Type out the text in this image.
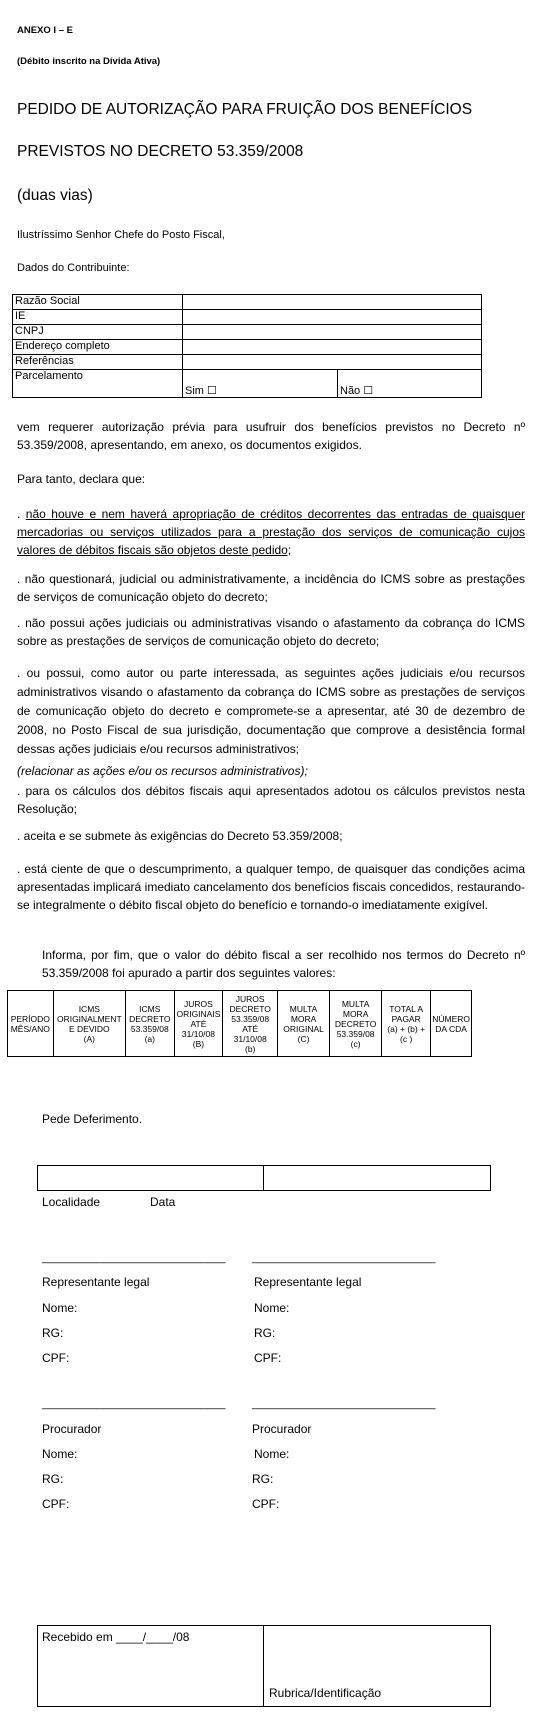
ANEXO I – E
(Débito inscrito na Dívida Ativa)
PEDIDO DE AUTORIZAÇÃO PARA FRUIÇÃO DOS BENEFÍCIOS
PREVISTOS NO DECRETO 53.359/2008
(duas vias)
Ilustríssimo Senhor Chefe do Posto Fiscal,
Dados do Contribuinte:
Razão Social		
IE		
CNPJ		
Endereço completo		
Referências		
Parcelamento	Sim ☐	Não ☐
vem requerer autorização prévia para usufruir dos benefícios previstos no Decreto nº 53.359/2008, apresentando, em anexo, os documentos exigidos.
Para tanto, declara que:
. não houve e nem haverá apropriação de créditos decorrentes das entradas de quaisquer mercadorias ou serviços utilizados para a prestação dos serviços de comunicação cujos valores de débitos fiscais são objetos deste pedido;
. não questionará, judicial ou administrativamente, a incidência do ICMS sobre as prestações de serviços de comunicação objeto do decreto;
. não possui ações judiciais ou administrativas visando o afastamento da cobrança do ICMS sobre as prestações de serviços de comunicação objeto do decreto;
. ou possui, como autor ou parte interessada, as seguintes ações judiciais e/ou recursos administrativos visando o afastamento da cobrança do ICMS sobre as prestações de serviços de comunicação objeto do decreto e compromete-se a apresentar, até 30 de dezembro de 2008, no Posto Fiscal de sua jurisdição, documentação que comprove a desistência formal dessas ações judiciais e/ou recursos administrativos;
(relacionar as ações e/ou os recursos administrativos);
. para os cálculos dos débitos fiscais aqui apresentados adotou os cálculos previstos nesta Resolução;
. aceita e se submete às exigências do Decreto 53.359/2008;
. está ciente de que o descumprimento, a qualquer tempo, de quaisquer das condições acima apresentadas implicará imediato cancelamento dos benefícios fiscais concedidos, restaurando-se integralmente o débito fiscal objeto do benefício e tornando-o imediatamente exigível.
Informa, por fim, que o valor do débito fiscal a ser recolhido nos termos do Decreto nº 53.359/2008 foi apurado a partir dos seguintes valores:
PERÍODO
MÊS/ANO	ICMS
ORIGINALMENT
E DEVIDO
(A)	ICMS
DECRETO
53.359/08
(a)	JUROS
ORIGINAIS
ATÉ
31/10/08
(B)	JUROS
DECRETO
53.359/08
ATÉ
31/10/08
(b)	MULTA
MORA
ORIGINAL
(C)	MULTA
MORA
DECRETO
53.359/08
(c)	TOTAL A
PAGAR
(a) + (b) +
(c )	NÚMERO
DA CDA
Pede Deferimento.
Localidade	Data
______________________________ ______________________________
Representante legal
Nome:
RG:
CPF:
Representante legal
Nome:
RG:
CPF:
______________________________ ______________________________
Procurador
Nome:
RG:
CPF:
Procurador
Nome:
RG:
CPF:
Recebido em ____/____/08
Rubrica/Identificação
